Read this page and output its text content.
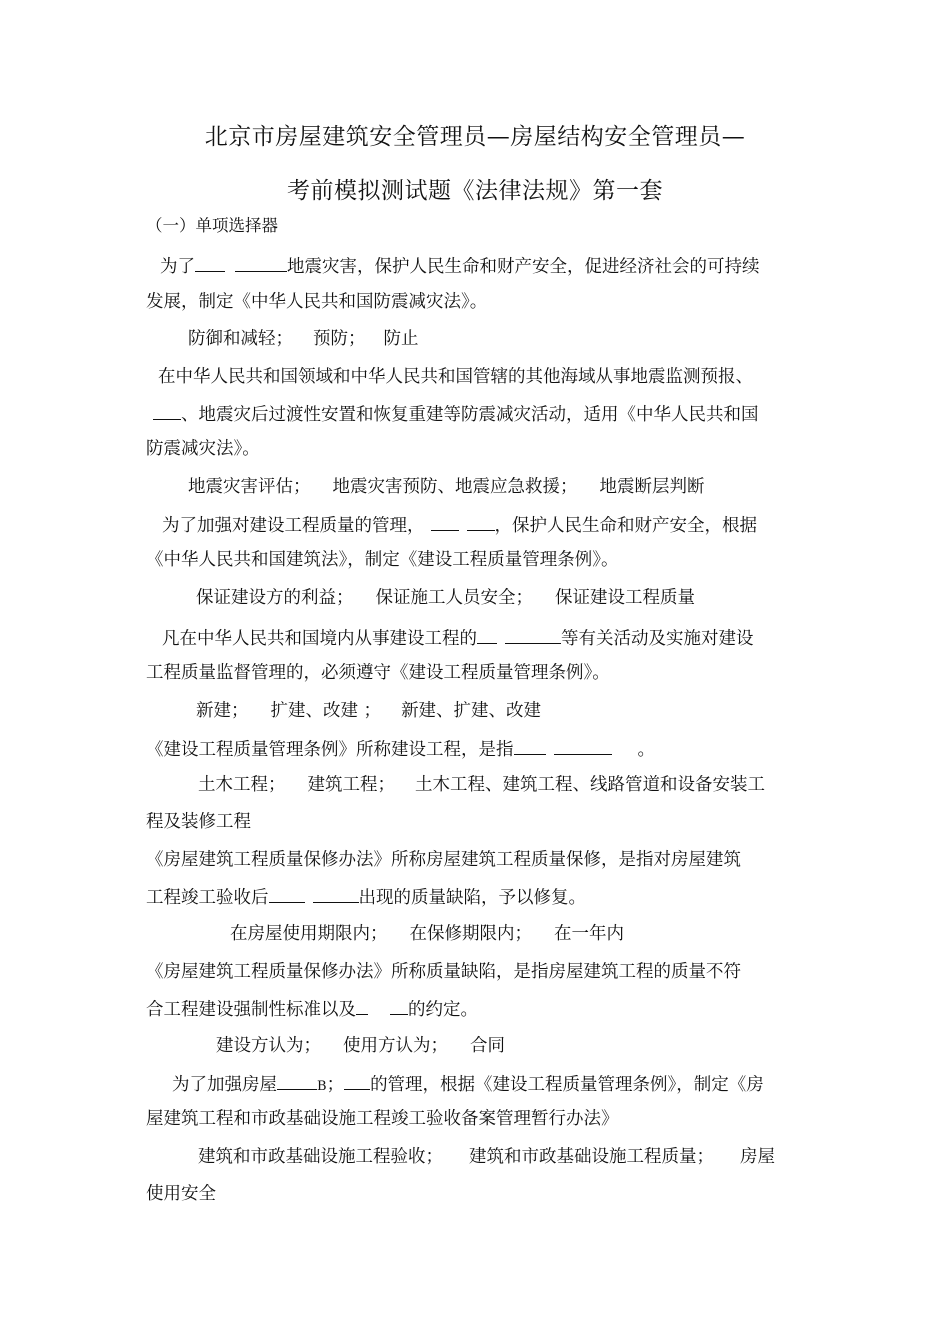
北京市房屋建筑安全管理员—房屋结构安全管理员—
考前模拟测试题《法律法规》第一套
（一）单项选择器
为了	地震灾害，保护人民生命和财产安全，促进经济社会的可持续
发展，制定《中华人民共和国防震减灾法》。
防御和减轻； 预防； 防止
在中华人民共和国领域和中华人民共和国管辖的其他海域从事地震监测预报、
、地震灾后过渡性安置和恢复重建等防震减灾活动，适用《中华人民共和国
防震减灾法》。
地震灾害评估； 地震灾害预防、地震应急救援； 地震断层判断
为了加强对建设工程质量的管理，	，保护人民生命和财产安全，根据
《中华人民共和国建筑法》，制定《建设工程质量管理条例》。
保证建设方的利益； 保证施工人员安全； 保证建设工程质量
凡在中华人民共和国境内从事建设工程的	等有关活动及实施对建设
工程质量监督管理的，必须遵守《建设工程质量管理条例》。
新建； 扩建、改建 ； 新建、扩建、改建
《建设工程质量管理条例》所称建设工程，是指	。
土木工程； 建筑工程； 土木工程、建筑工程、线路管道和设备安装工
程及装修工程
《房屋建筑工程质量保修办法》所称房屋建筑工程质量保修，是指对房屋建筑
工程竣工验收后	出现的质量缺陷，予以修复。
在房屋使用期限内； 在保修期限内； 在一年内
《房屋建筑工程质量保修办法》所称质量缺陷，是指房屋建筑工程的质量不符
合工程建设强制性标准以及	的约定。
建设方认为； 使用方认为； 合同
为了加强房屋	B； 的管理，根据《建设工程质量管理条例》，制定《房
屋建筑工程和市政基础设施工程竣工验收备案管理暂行办法》
建筑和市政基础设施工程验收； 建筑和市政基础设施工程质量； 房屋
使用安全
